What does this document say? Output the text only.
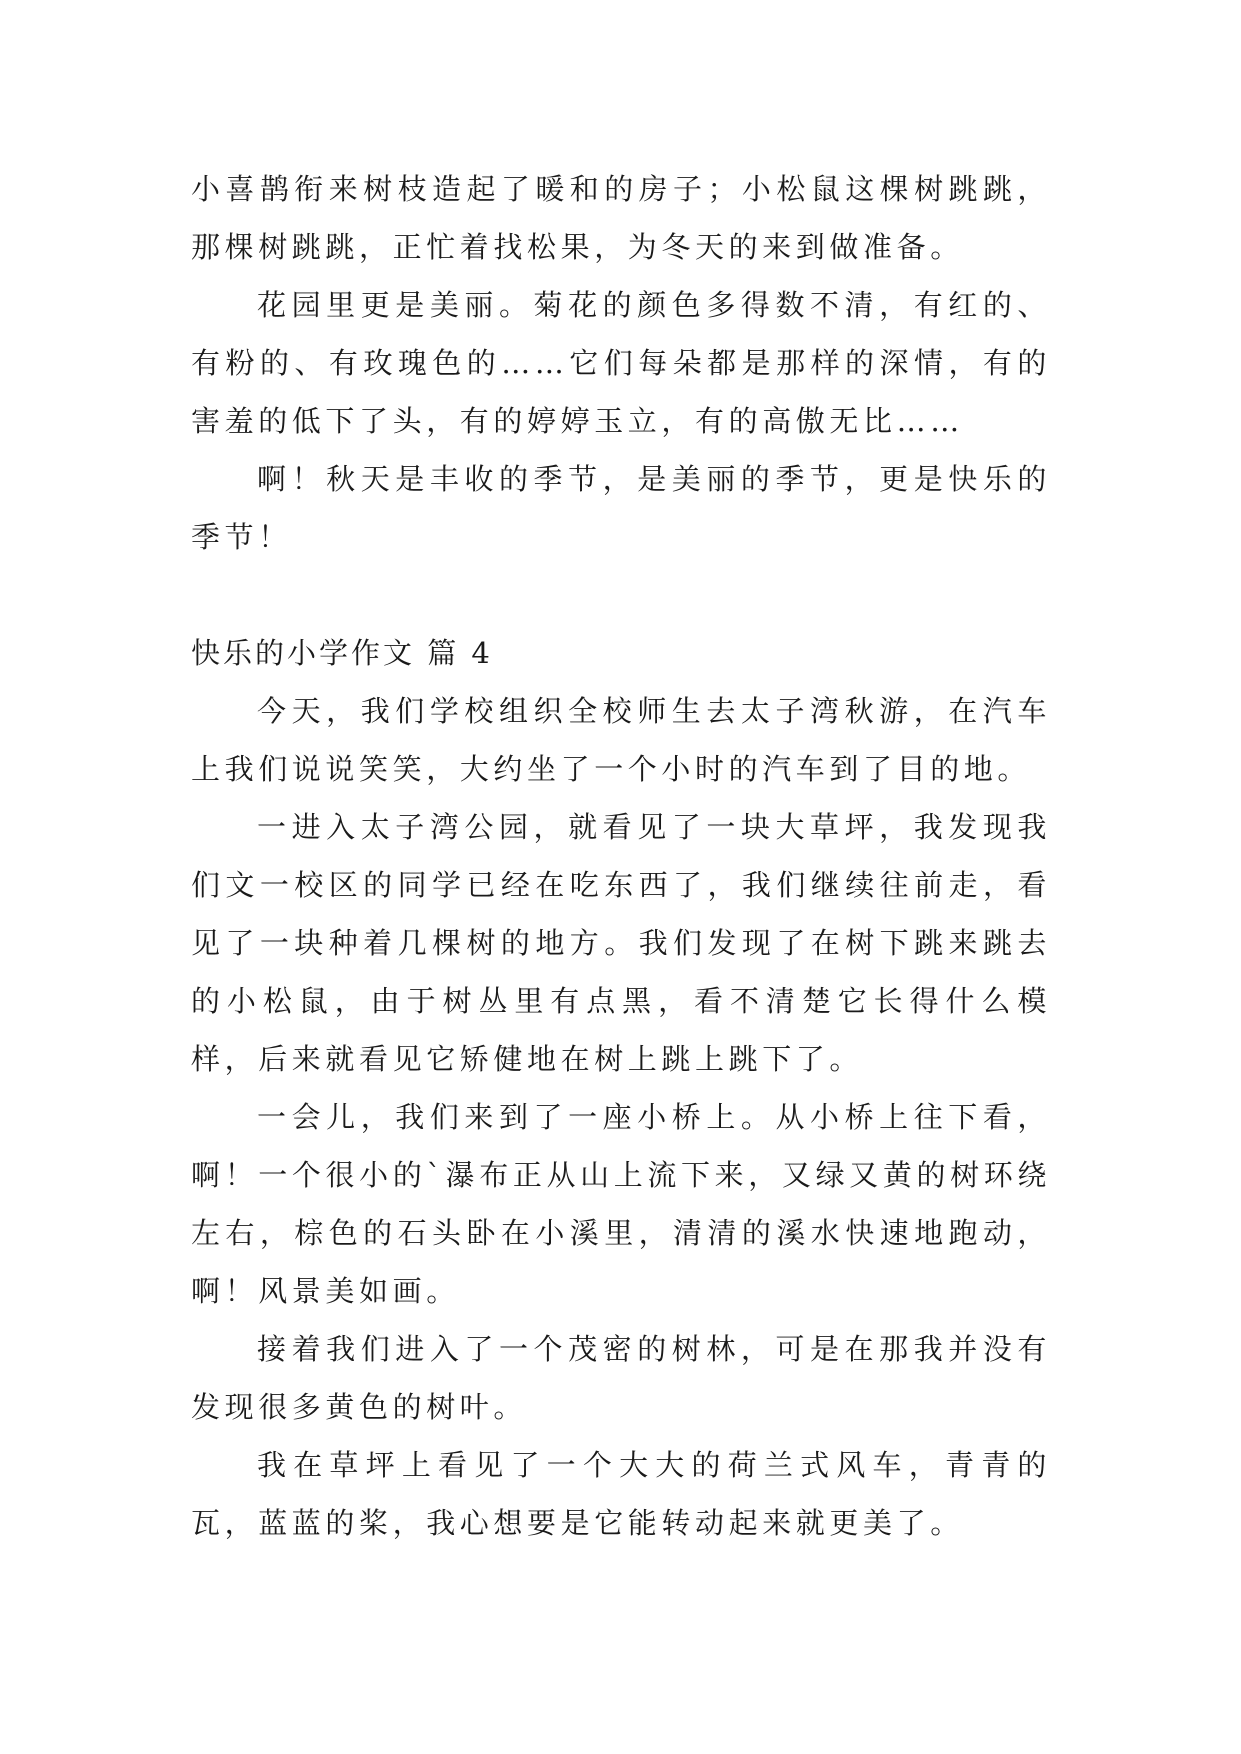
小喜鹊衔来树枝造起了暖和的房子；小松鼠这棵树跳跳，那棵树跳跳，正忙着找松果，为冬天的来到做准备。

花园里更是美丽。菊花的颜色多得数不清，有红的、有粉的、有玫瑰色的……它们每朵都是那样的深情，有的害羞的低下了头，有的婷婷玉立，有的高傲无比……

啊！秋天是丰收的季节，是美丽的季节，更是快乐的季节！

快乐的小学作文 篇 4

今天，我们学校组织全校师生去太子湾秋游，在汽车上我们说说笑笑，大约坐了一个小时的汽车到了目的地。

一进入太子湾公园，就看见了一块大草坪，我发现我们文一校区的同学已经在吃东西了，我们继续往前走，看见了一块种着几棵树的地方。我们发现了在树下跳来跳去的小松鼠，由于树丛里有点黑，看不清楚它长得什么模样，后来就看见它矫健地在树上跳上跳下了。

一会儿，我们来到了一座小桥上。从小桥上往下看，啊！一个很小的`瀑布正从山上流下来，又绿又黄的树环绕左右，棕色的石头卧在小溪里，清清的溪水快速地跑动，啊！风景美如画。

接着我们进入了一个茂密的树林，可是在那我并没有发现很多黄色的树叶。

我在草坪上看见了一个大大的荷兰式风车，青青的瓦，蓝蓝的桨，我心想要是它能转动起来就更美了。
